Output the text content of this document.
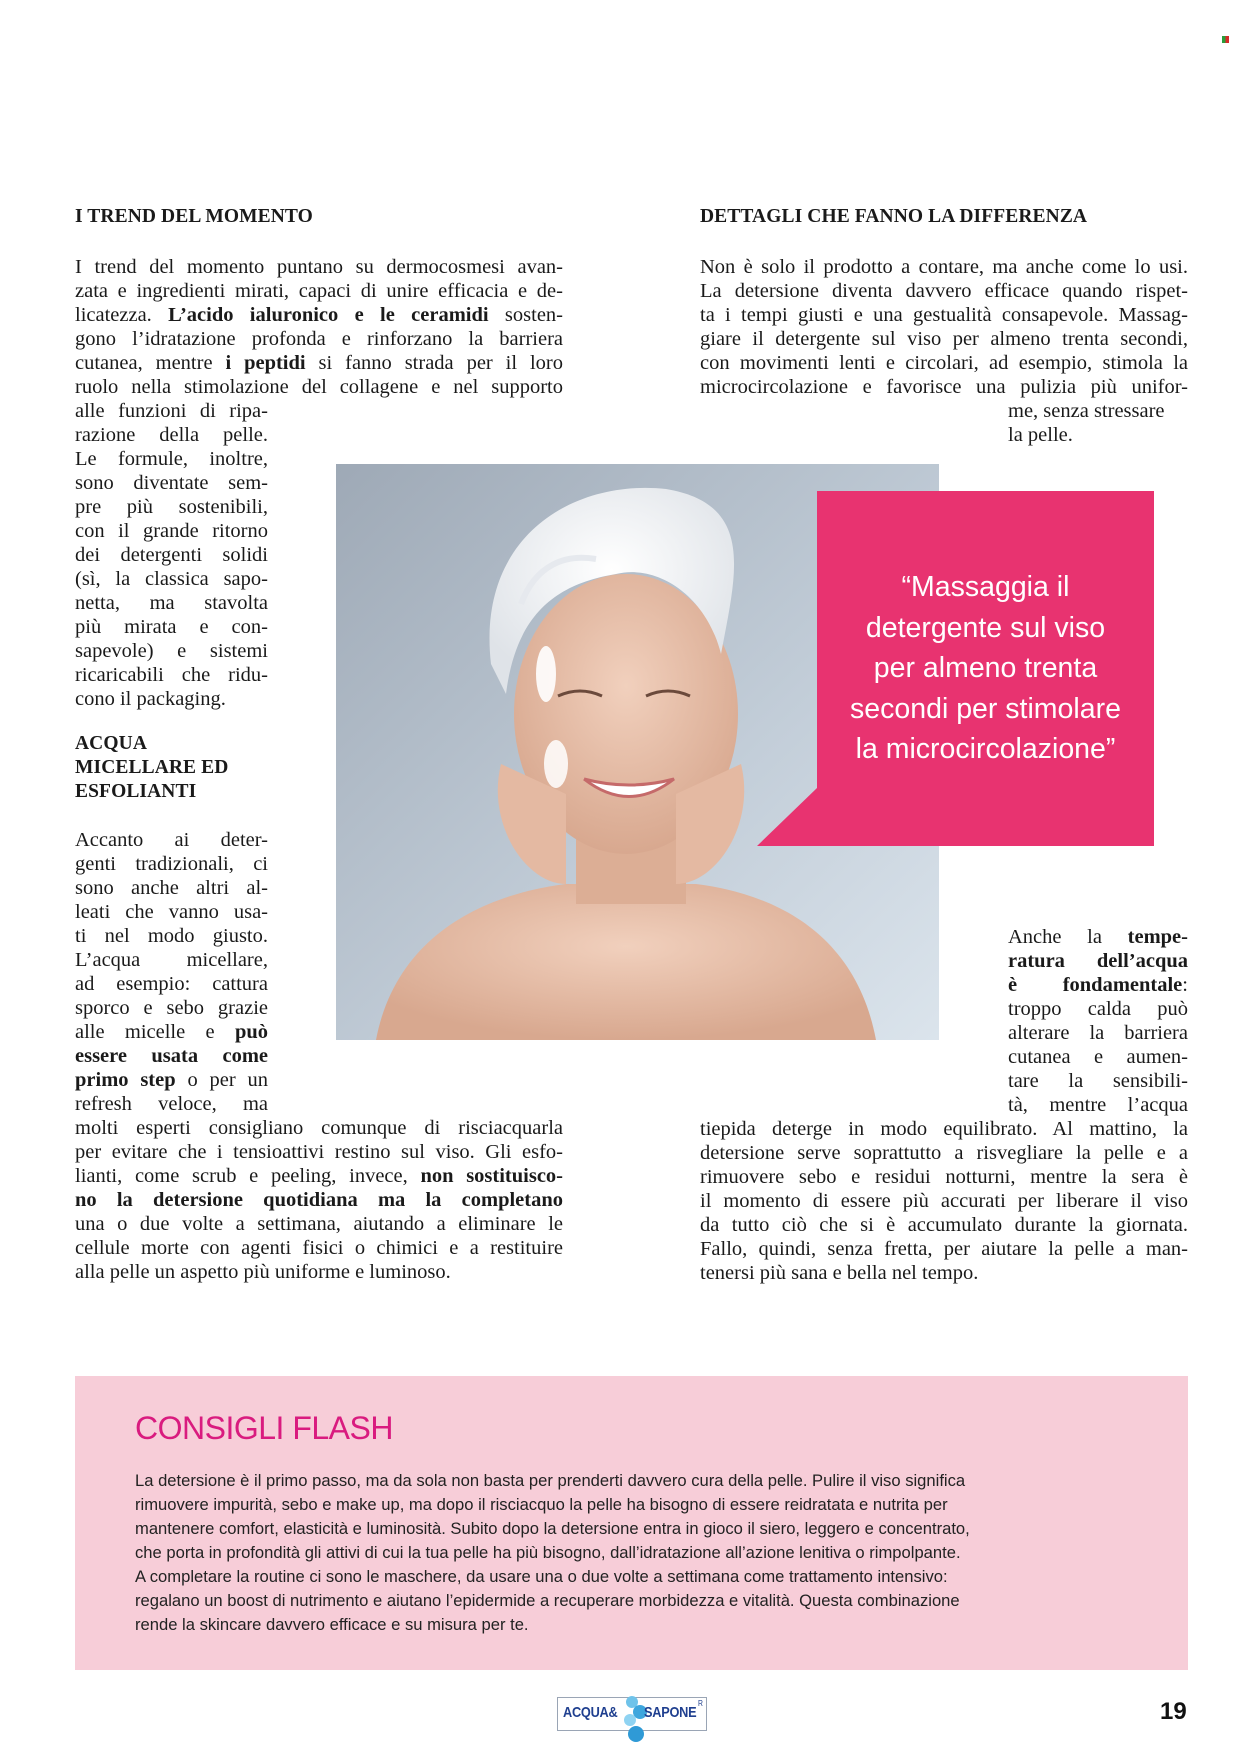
I TREND DEL MOMENTO
I trend del momento puntano su dermocosmesi avan-
zata e ingredienti mirati, capaci di unire efficacia e de-
licatezza. L’acido ialuronico e le ceramidi sosten-
gono l’idratazione profonda e rinforzano la barriera
cutanea, mentre i peptidi si fanno strada per il loro
ruolo nella stimolazione del collagene e nel supporto
alle funzioni di ripa-
razione della pelle.
Le formule, inoltre,
sono diventate sem-
pre più sostenibili,
con il grande ritorno
dei detergenti solidi
(sì, la classica sapo-
netta, ma stavolta
più mirata e con-
sapevole) e sistemi
ricaricabili che ridu-
cono il packaging.
ACQUA
MICELLARE ED
ESFOLIANTI
Accanto ai deter-
genti tradizionali, ci
sono anche altri al-
leati che vanno usa-
ti nel modo giusto.
L’acqua micellare,
ad esempio: cattura
sporco e sebo grazie
alle micelle e può
essere usata come
primo step o per un
refresh veloce, ma
molti esperti consigliano comunque di risciacquarla
per evitare che i tensioattivi restino sul viso. Gli esfo-
lianti, come scrub e peeling, invece, non sostituisco-
no la detersione quotidiana ma la completano
una o due volte a settimana, aiutando a eliminare le
cellule morte con agenti fisici o chimici e a restituire
alla pelle un aspetto più uniforme e luminoso.
DETTAGLI CHE FANNO LA DIFFERENZA
Non è solo il prodotto a contare, ma anche come lo usi.
La detersione diventa davvero efficace quando rispet-
ta i tempi giusti e una gestualità consapevole. Massag-
giare il detergente sul viso per almeno trenta secondi,
con movimenti lenti e circolari, ad esempio, stimola la
microcircolazione e favorisce una pulizia più unifor-
me, senza stressare
la pelle.
Anche la tempe-
ratura dell’acqua
è fondamentale:
troppo calda può
alterare la barriera
cutanea e aumen-
tare la sensibili-
tà, mentre l’acqua
tiepida deterge in modo equilibrato. Al mattino, la
detersione serve soprattutto a risvegliare la pelle e a
rimuovere sebo e residui notturni, mentre la sera è
il momento di essere più accurati per liberare il viso
da tutto ciò che si è accumulato durante la giornata.
Fallo, quindi, senza fretta, per aiutare la pelle a man-
tenersi più sana e bella nel tempo.
“Massaggia il
detergente sul viso
per almeno trenta
secondi per stimolare
la microcircolazione”
CONSIGLI FLASH
La detersione è il primo passo, ma da sola non basta per prenderti davvero cura della pelle. Pulire il viso significa
rimuovere impurità, sebo e make up, ma dopo il risciacquo la pelle ha bisogno di essere reidratata e nutrita per
mantenere comfort, elasticità e luminosità. Subito dopo la detersione entra in gioco il siero, leggero e concentrato,
che porta in profondità gli attivi di cui la tua pelle ha più bisogno, dall’idratazione all’azione lenitiva o rimpolpante.
A completare la routine ci sono le maschere, da usare una o due volte a settimana come trattamento intensivo:
regalano un boost di nutrimento e aiutano l’epidermide a recuperare morbidezza e vitalità. Questa combinazione
rende la skincare davvero efficace e su misura per te.
ACQUA& SAPONE
R	19
